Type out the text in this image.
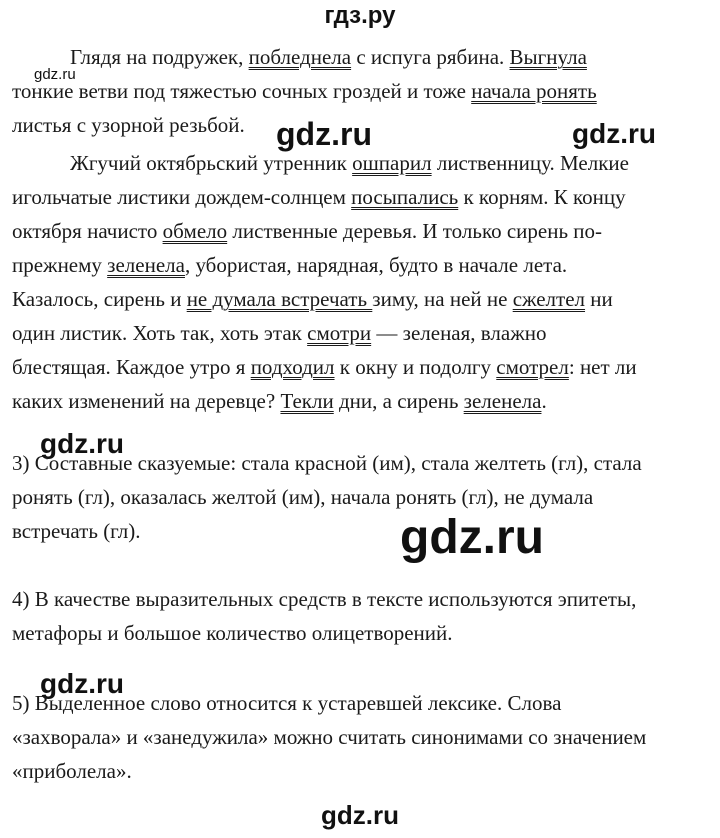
гдз.ру
Глядя на подружек, побледнела с испуга рябина. Выгнула
тонкие ветви под тяжестью сочных гроздей и тоже начала ронять
листья с узорной резьбой.
gdz.ru
gdz.ru	gdz.ru
Жгучий октябрьский утренник ошпарил лиственницу. Мелкие
игольчатые листики дождем-солнцем посыпались к корням. К концу
октября начисто обмело лиственные деревья. И только сирень по-
прежнему зеленела, убористая, нарядная, будто в начале лета.
Казалось, сирень и не думала встречать зиму, на ней не сжелтел ни
один листик. Хоть так, хоть этак смотри — зеленая, влажно
блестящая. Каждое утро я подходил к окну и подолгу смотрел: нет ли
каких изменений на деревце? Текли дни, а сирень зеленела.
gdz.ru
3) Составные сказуемые: стала красной (им), стала желтеть (гл), стала
ронять (гл), оказалась желтой (им), начала ронять (гл), не думала
встречать (гл).	gdz.ru
4) В качестве выразительных средств в тексте используются эпитеты,
метафоры и большое количество олицетворений.
gdz.ru
5) Выделенное слово относится к устаревшей лексике. Слова
«захворала» и «занедужила» можно считать синонимами со значением
«приболела».
gdz.ru
